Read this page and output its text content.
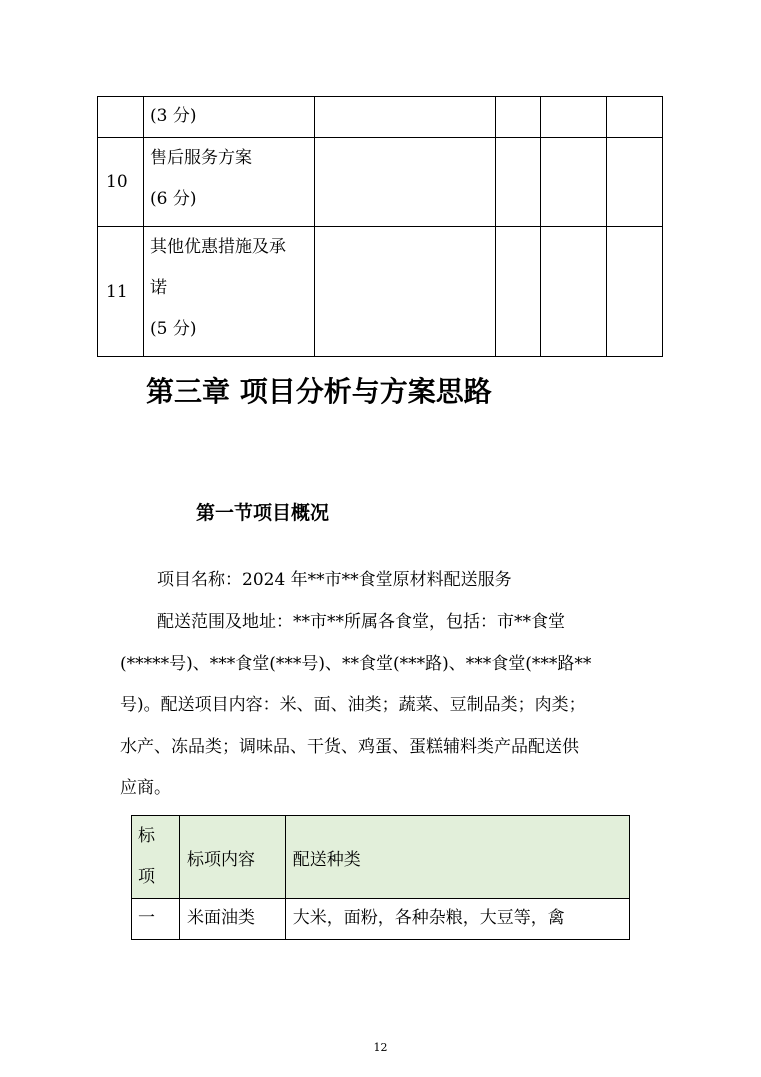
	(3 分)				

10	售后服务方案
(6 分)				

11	其他优惠措施及承
诺
(5 分)				

第三章 项目分析与方案思路
第一节项目概况
项目名称：2024 年**市**食堂原材料配送服务
配送范围及地址：**市**所属各食堂，包括：市**食堂
(*****号)、***食堂(***号)、**食堂(***路)、***食堂(***路**
号)。配送项目内容：米、面、油类；蔬菜、豆制品类；肉类；
水产、冻品类；调味品、干货、鸡蛋、蛋糕辅料类产品配送供
应商。
标
项	标项内容	配送种类
一	米面油类	大米，面粉，各种杂粮，大豆等，禽
12
